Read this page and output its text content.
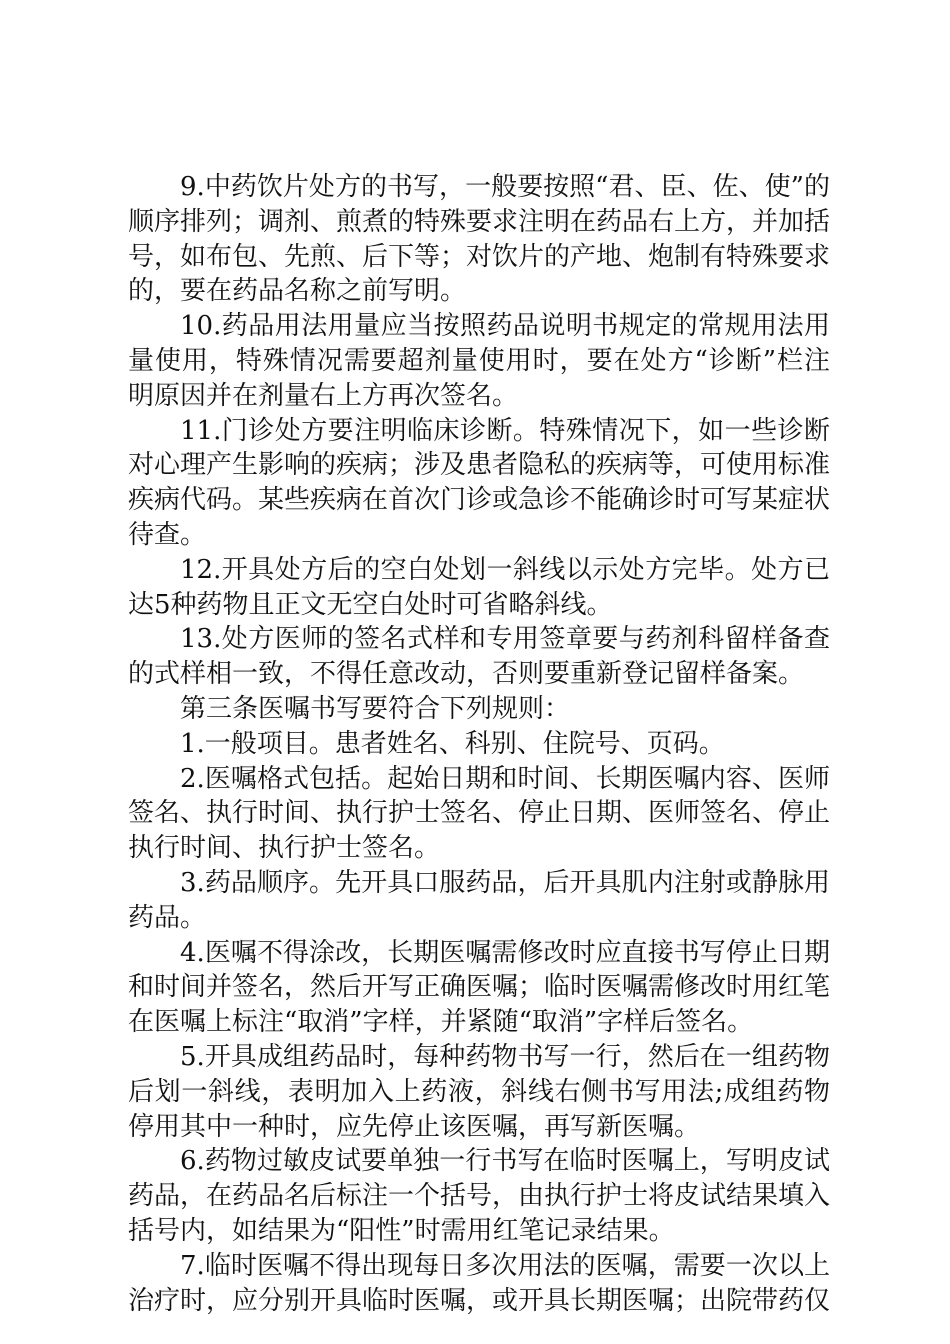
9.中药饮片处方的书写，一般要按照“君、臣、佐、使”的顺序排列；调剂、煎煮的特殊要求注明在药品右上方，并加括号，如布包、先煎、后下等；对饮片的产地、炮制有特殊要求的，要在药品名称之前写明。

10.药品用法用量应当按照药品说明书规定的常规用法用量使用，特殊情况需要超剂量使用时，要在处方“诊断”栏注明原因并在剂量右上方再次签名。

11.门诊处方要注明临床诊断。特殊情况下，如一些诊断对心理产生影响的疾病；涉及患者隐私的疾病等，可使用标准疾病代码。某些疾病在首次门诊或急诊不能确诊时可写某症状待查。

12.开具处方后的空白处划一斜线以示处方完毕。处方已达5种药物且正文无空白处时可省略斜线。

13.处方医师的签名式样和专用签章要与药剂科留样备查的式样相一致，不得任意改动，否则要重新登记留样备案。

第三条医嘱书写要符合下列规则：

1.一般项目。患者姓名、科别、住院号、页码。

2.医嘱格式包括。起始日期和时间、长期医嘱内容、医师签名、执行时间、执行护士签名、停止日期、医师签名、停止执行时间、执行护士签名。

3.药品顺序。先开具口服药品，后开具肌内注射或静脉用药品。

4.医嘱不得涂改，长期医嘱需修改时应直接书写停止日期和时间并签名，然后开写正确医嘱；临时医嘱需修改时用红笔在医嘱上标注“取消”字样，并紧随“取消”字样后签名。

5.开具成组药品时，每种药物书写一行，然后在一组药物后划一斜线，表明加入上药液，斜线右侧书写用法;成组药物停用其中一种时，应先停止该医嘱，再写新医嘱。

6.药物过敏皮试要单独一行书写在临时医嘱上，写明皮试药品，在药品名后标注一个括号，由执行护士将皮试结果填入括号内，如结果为“阳性”时需用红笔记录结果。

7.临时医嘱不得出现每日多次用法的医嘱，需要一次以上治疗时，应分别开具临时医嘱，或开具长期医嘱；出院带药仅
